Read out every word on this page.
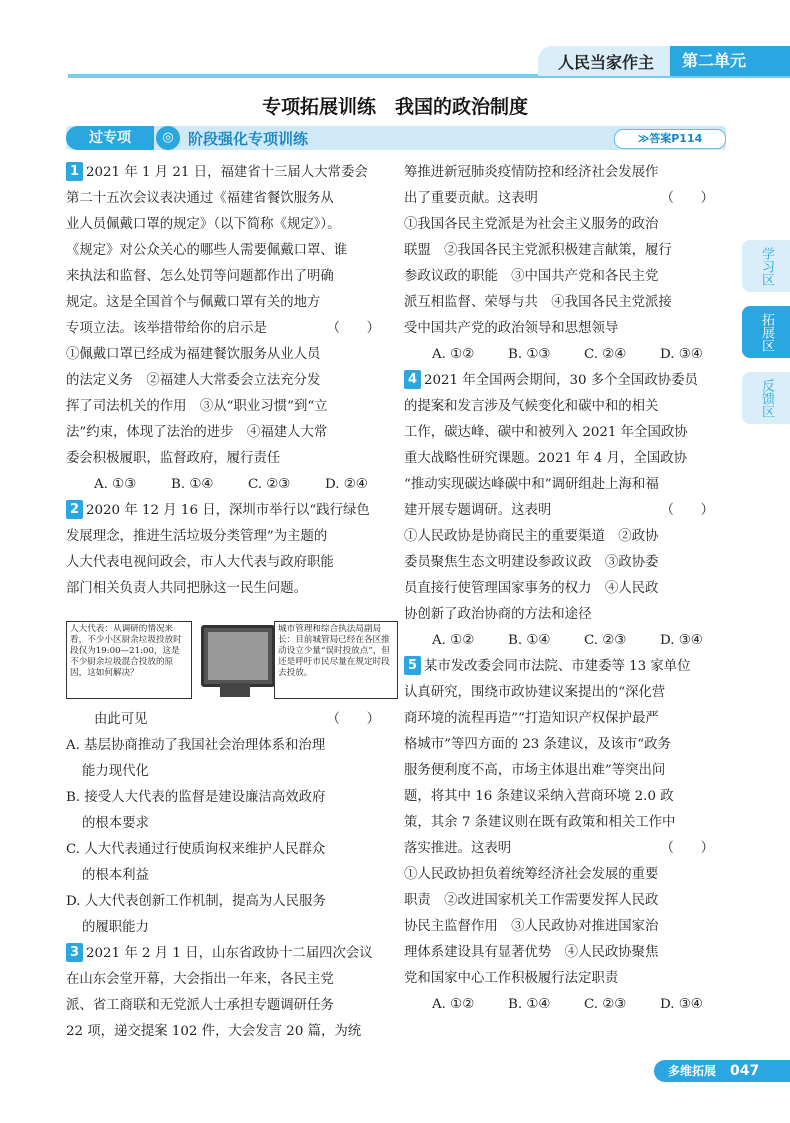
人民当家作主	第二单元
专项拓展训练　我国的政治制度
过专项	◎ 阶段强化专项训练	≫答案P114

1 2021 年 1 月 21 日，福建省十三届人大常委会

第二十五次会议表决通过《福建省餐饮服务从

业人员佩戴口罩的规定》（以下简称《规定》）。

《规定》对公众关心的哪些人需要佩戴口罩、谁

来执法和监督、怎么处罚等问题都作出了明确

规定。这是全国首个与佩戴口罩有关的地方

专项立法。该举措带给你的启示是	（　　）

①佩戴口罩已经成为福建餐饮服务从业人员

的法定义务　②福建人大常委会立法充分发

挥了司法机关的作用　③从“职业习惯”到“立

法”约束，体现了法治的进步　④福建人大常

委会积极履职，监督政府，履行责任

A. ①③	B. ①④	C. ②③	D. ②④

2 2020 年 12 月 16 日，深圳市举行以“践行绿色

发展理念，推进生活垃圾分类管理”为主题的

人大代表电视问政会，市人大代表与政府职能

部门相关负责人共同把脉这一民生问题。

人大代表：从调研的情况来看，不少小区厨余垃圾投放时段仅为19:00—21:00，这是不少厨余垃圾混合投放的原因，这如何解决？
城市管理和综合执法局副局长：目前城管局已经在各区推动设立少量“误时投放点”，但还是呼吁市民尽量在规定时段去投放。

由此可见	（　　）

A. 基层协商推动了我国社会治理体系和治理
能力现代化

B. 接受人大代表的监督是建设廉洁高效政府
的根本要求

C. 人大代表通过行使质询权来维护人民群众
的根本利益

D. 人大代表创新工作机制，提高为人民服务
的履职能力

3 2021 年 2 月 1 日，山东省政协十二届四次会议

在山东会堂开幕，大会指出一年来，各民主党

派、省工商联和无党派人士承担专题调研任务

22 项，递交提案 102 件，大会发言 20 篇，为统

筹推进新冠肺炎疫情防控和经济社会发展作

出了重要贡献。这表明	（　　）

①我国各民主党派是为社会主义服务的政治

联盟　②我国各民主党派积极建言献策，履行

参政议政的职能　③中国共产党和各民主党

派互相监督、荣辱与共　④我国各民主党派接

受中国共产党的政治领导和思想领导

A. ①②	B. ①③	C. ②④	D. ③④

4 2021 年全国两会期间，30 多个全国政协委员

的提案和发言涉及气候变化和碳中和的相关

工作，碳达峰、碳中和被列入 2021 年全国政协

重大战略性研究课题。2021 年 4 月，全国政协

“推动实现碳达峰碳中和”调研组赴上海和福

建开展专题调研。这表明	（　　）

①人民政协是协商民主的重要渠道　②政协

委员聚焦生态文明建设参政议政　③政协委

员直接行使管理国家事务的权力　④人民政

协创新了政治协商的方法和途径

A. ①②	B. ①④	C. ②③	D. ③④

5 某市发改委会同市法院、市建委等 13 家单位

认真研究，围绕市政协建议案提出的“深化营

商环境的流程再造”“打造知识产权保护最严

格城市”等四方面的 23 条建议，及该市“政务

服务便利度不高，市场主体退出难”等突出问

题，将其中 16 条建议采纳入营商环境 2.0 政

策，其余 7 条建议则在既有政策和相关工作中

落实推进。这表明	（　　）

①人民政协担负着统筹经济社会发展的重要

职责　②改进国家机关工作需要发挥人民政

协民主监督作用　③人民政协对推进国家治

理体系建设具有显著优势　④人民政协聚焦

党和国家中心工作积极履行法定职责

A. ①②	B. ①④	C. ②③	D. ③④

学习区
拓展区
反馈区
多维拓展 047
